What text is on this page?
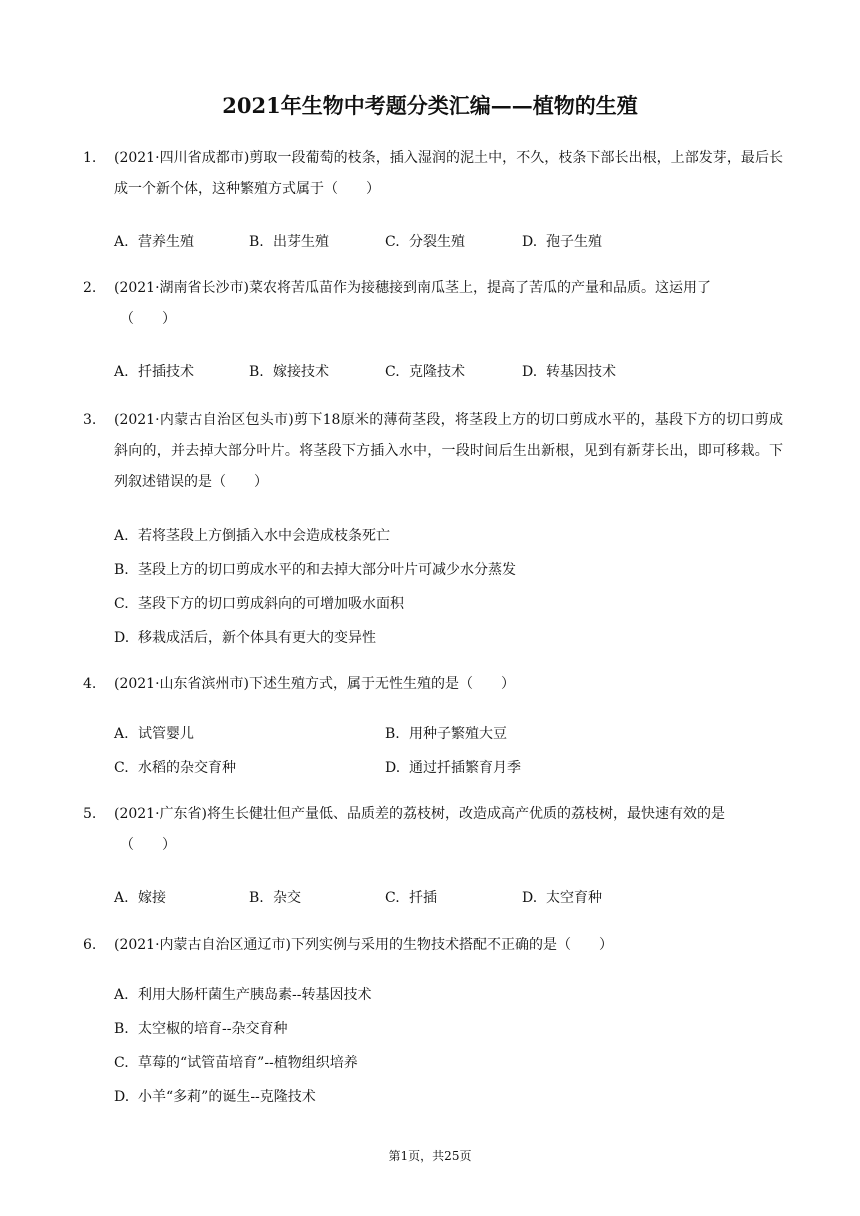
2021年生物中考题分类汇编——植物的生殖
1.	(2021·四川省成都市)剪取一段葡萄的枝条，插入湿润的泥土中，不久，枝条下部长出根，上部发芽，最后长成一个新个体，这种繁殖方式属于（　　）
A. 营养生殖	B. 出芽生殖	C. 分裂生殖	D. 孢子生殖
2.	(2021·湖南省长沙市)菜农将苦瓜苗作为接穗接到南瓜茎上，提高了苦瓜的产量和品质。这运用了
（　　）
A. 扦插技术	B. 嫁接技术	C. 克隆技术	D. 转基因技术
3.	(2021·内蒙古自治区包头市)剪下18原米的薄荷茎段，将茎段上方的切口剪成水平的，基段下方的切口剪成斜向的，并去掉大部分叶片。将茎段下方插入水中，一段时间后生出新根，见到有新芽长出，即可移栽。下列叙述错误的是（　　）
A. 若将茎段上方倒插入水中会造成枝条死亡
B. 茎段上方的切口剪成水平的和去掉大部分叶片可减少水分蒸发
C. 茎段下方的切口剪成斜向的可增加吸水面积
D. 移栽成活后，新个体具有更大的变异性
4.	(2021·山东省滨州市)下述生殖方式，属于无性生殖的是（　　）
A. 试管婴儿	B. 用种子繁殖大豆
C. 水稻的杂交育种	D. 通过扦插繁育月季
5.	(2021·广东省)将生长健壮但产量低、品质差的荔枝树，改造成高产优质的荔枝树，最快速有效的是
（　　）
A. 嫁接	B. 杂交	C. 扦插	D. 太空育种
6.	(2021·内蒙古自治区通辽市)下列实例与采用的生物技术搭配不正确的是（　　）
A. 利用大肠杆菌生产胰岛素--转基因技术
B. 太空椒的培育--杂交育种
C. 草莓的“试管苗培育”--植物组织培养
D. 小羊“多莉”的诞生--克隆技术
第1页，共25页
